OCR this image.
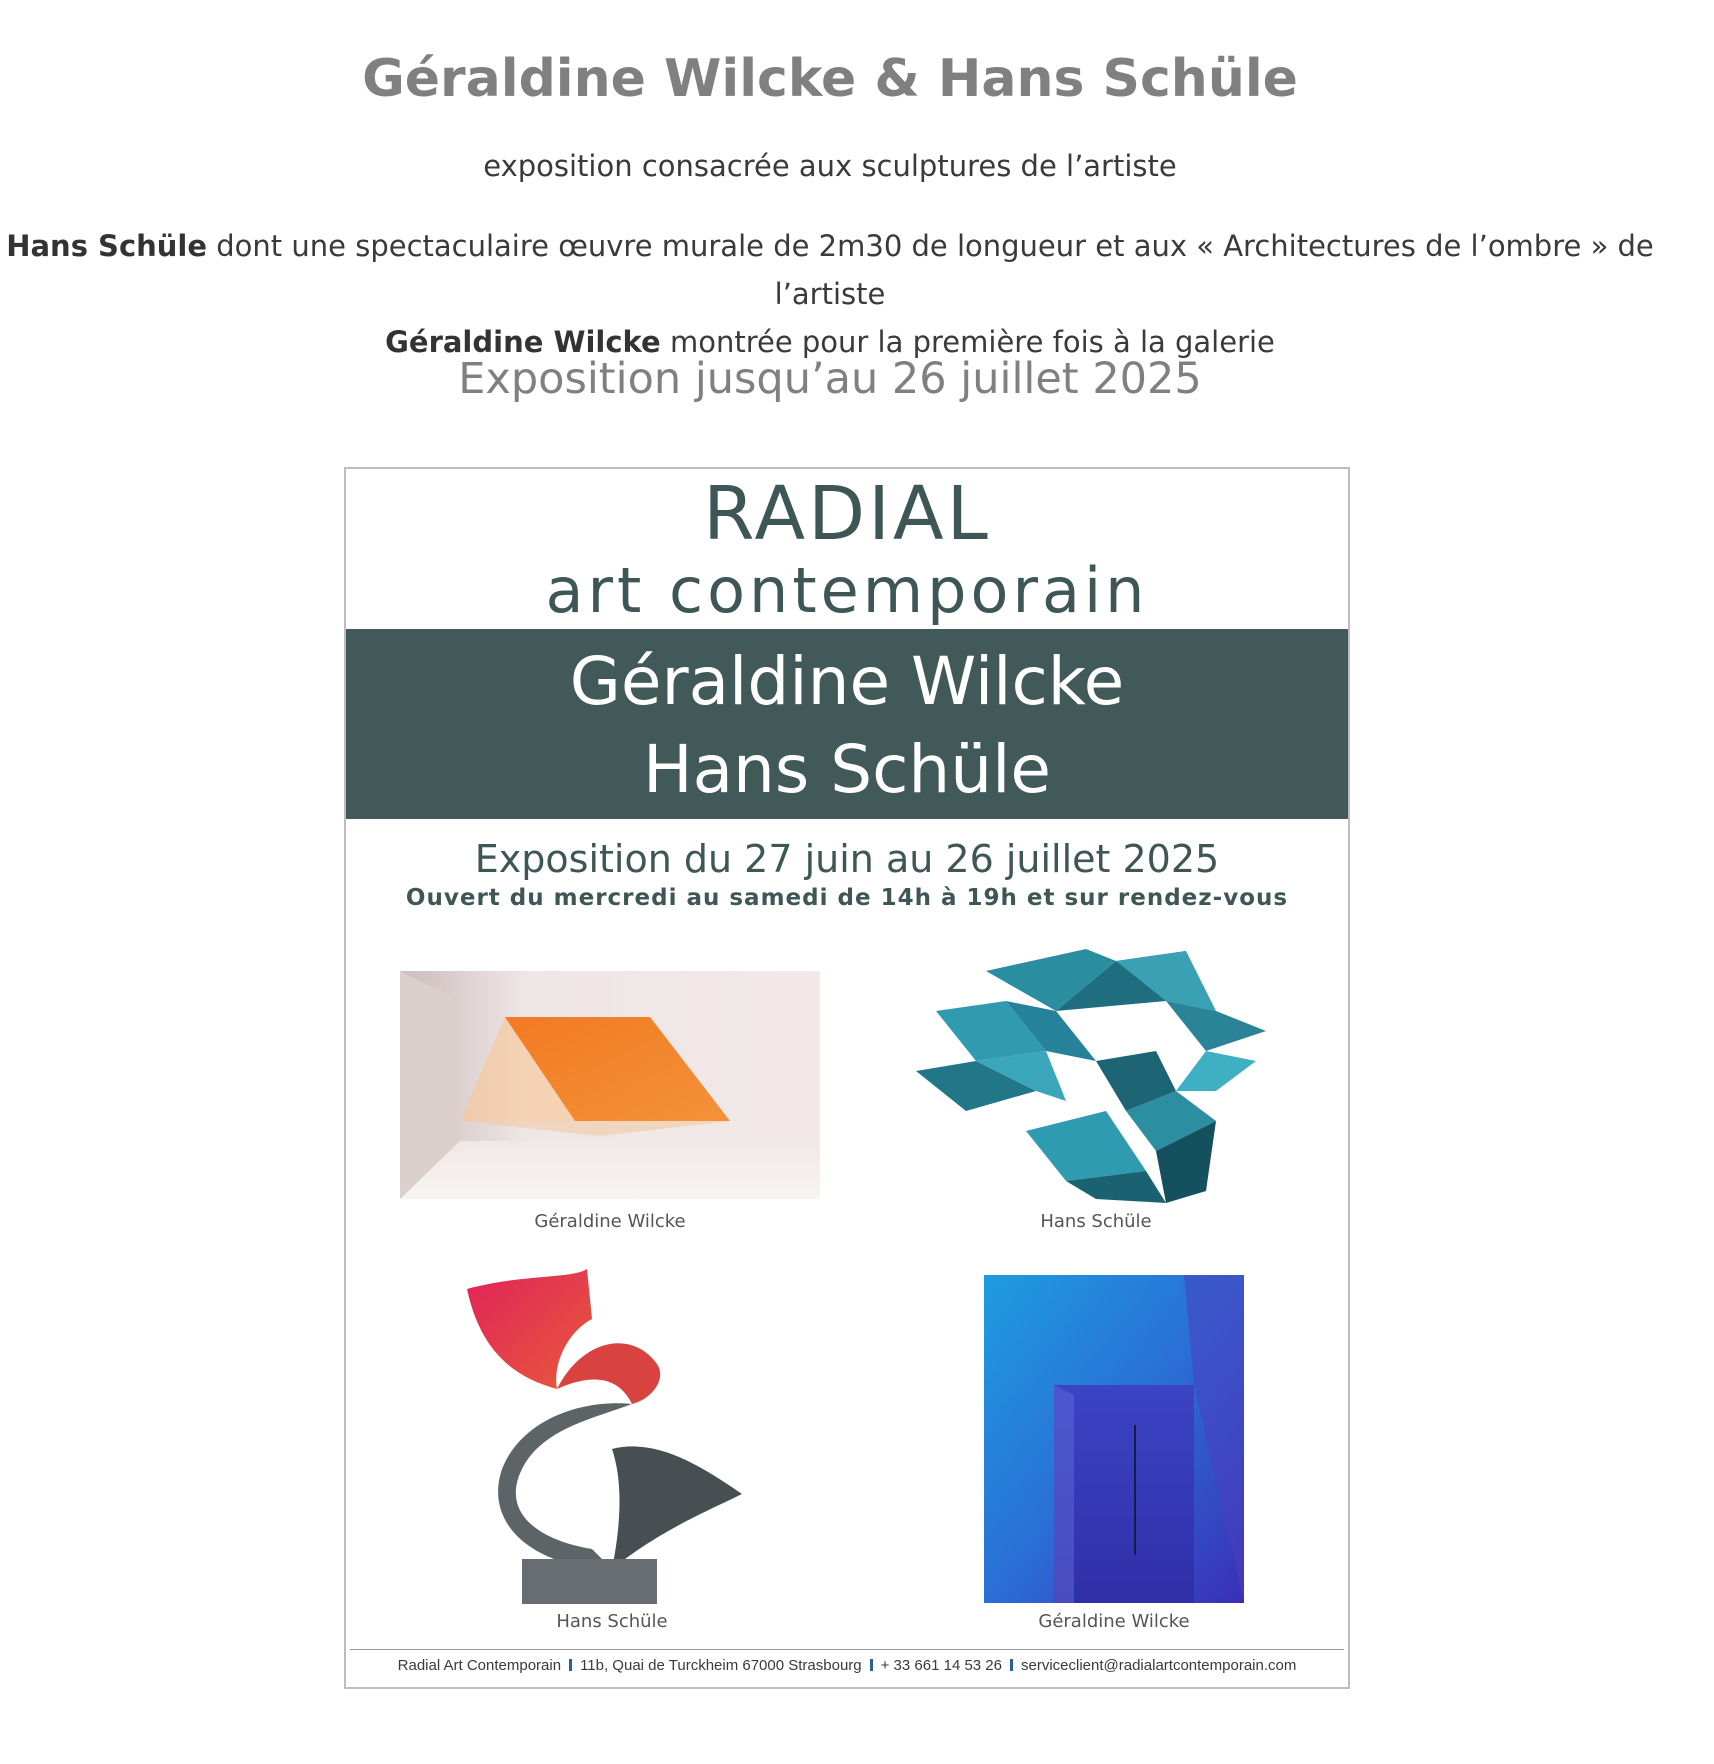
Géraldine Wilcke & Hans Schüle

exposition consacrée aux sculptures de l’artiste

Hans Schüle dont une spectaculaire œuvre murale de 2m30 de longueur et aux « Architectures de l’ombre » de l’artiste
Géraldine Wilcke montrée pour la première fois à la galerie

Exposition jusqu’au 26 juillet 2025

RADIAL
art contemporain
Géraldine Wilcke
Hans Schüle
Exposition du 27 juin au 26 juillet 2025
Ouvert du mercredi au samedi de 14h à 19h et sur rendez-vous
Géraldine Wilcke	Hans Schüle
Hans Schüle	Géraldine Wilcke
Radial Art Contemporain 11b, Quai de Turckheim 67000 Strasbourg + 33 661 14 53 26 serviceclient@radialartcontemporain.com
